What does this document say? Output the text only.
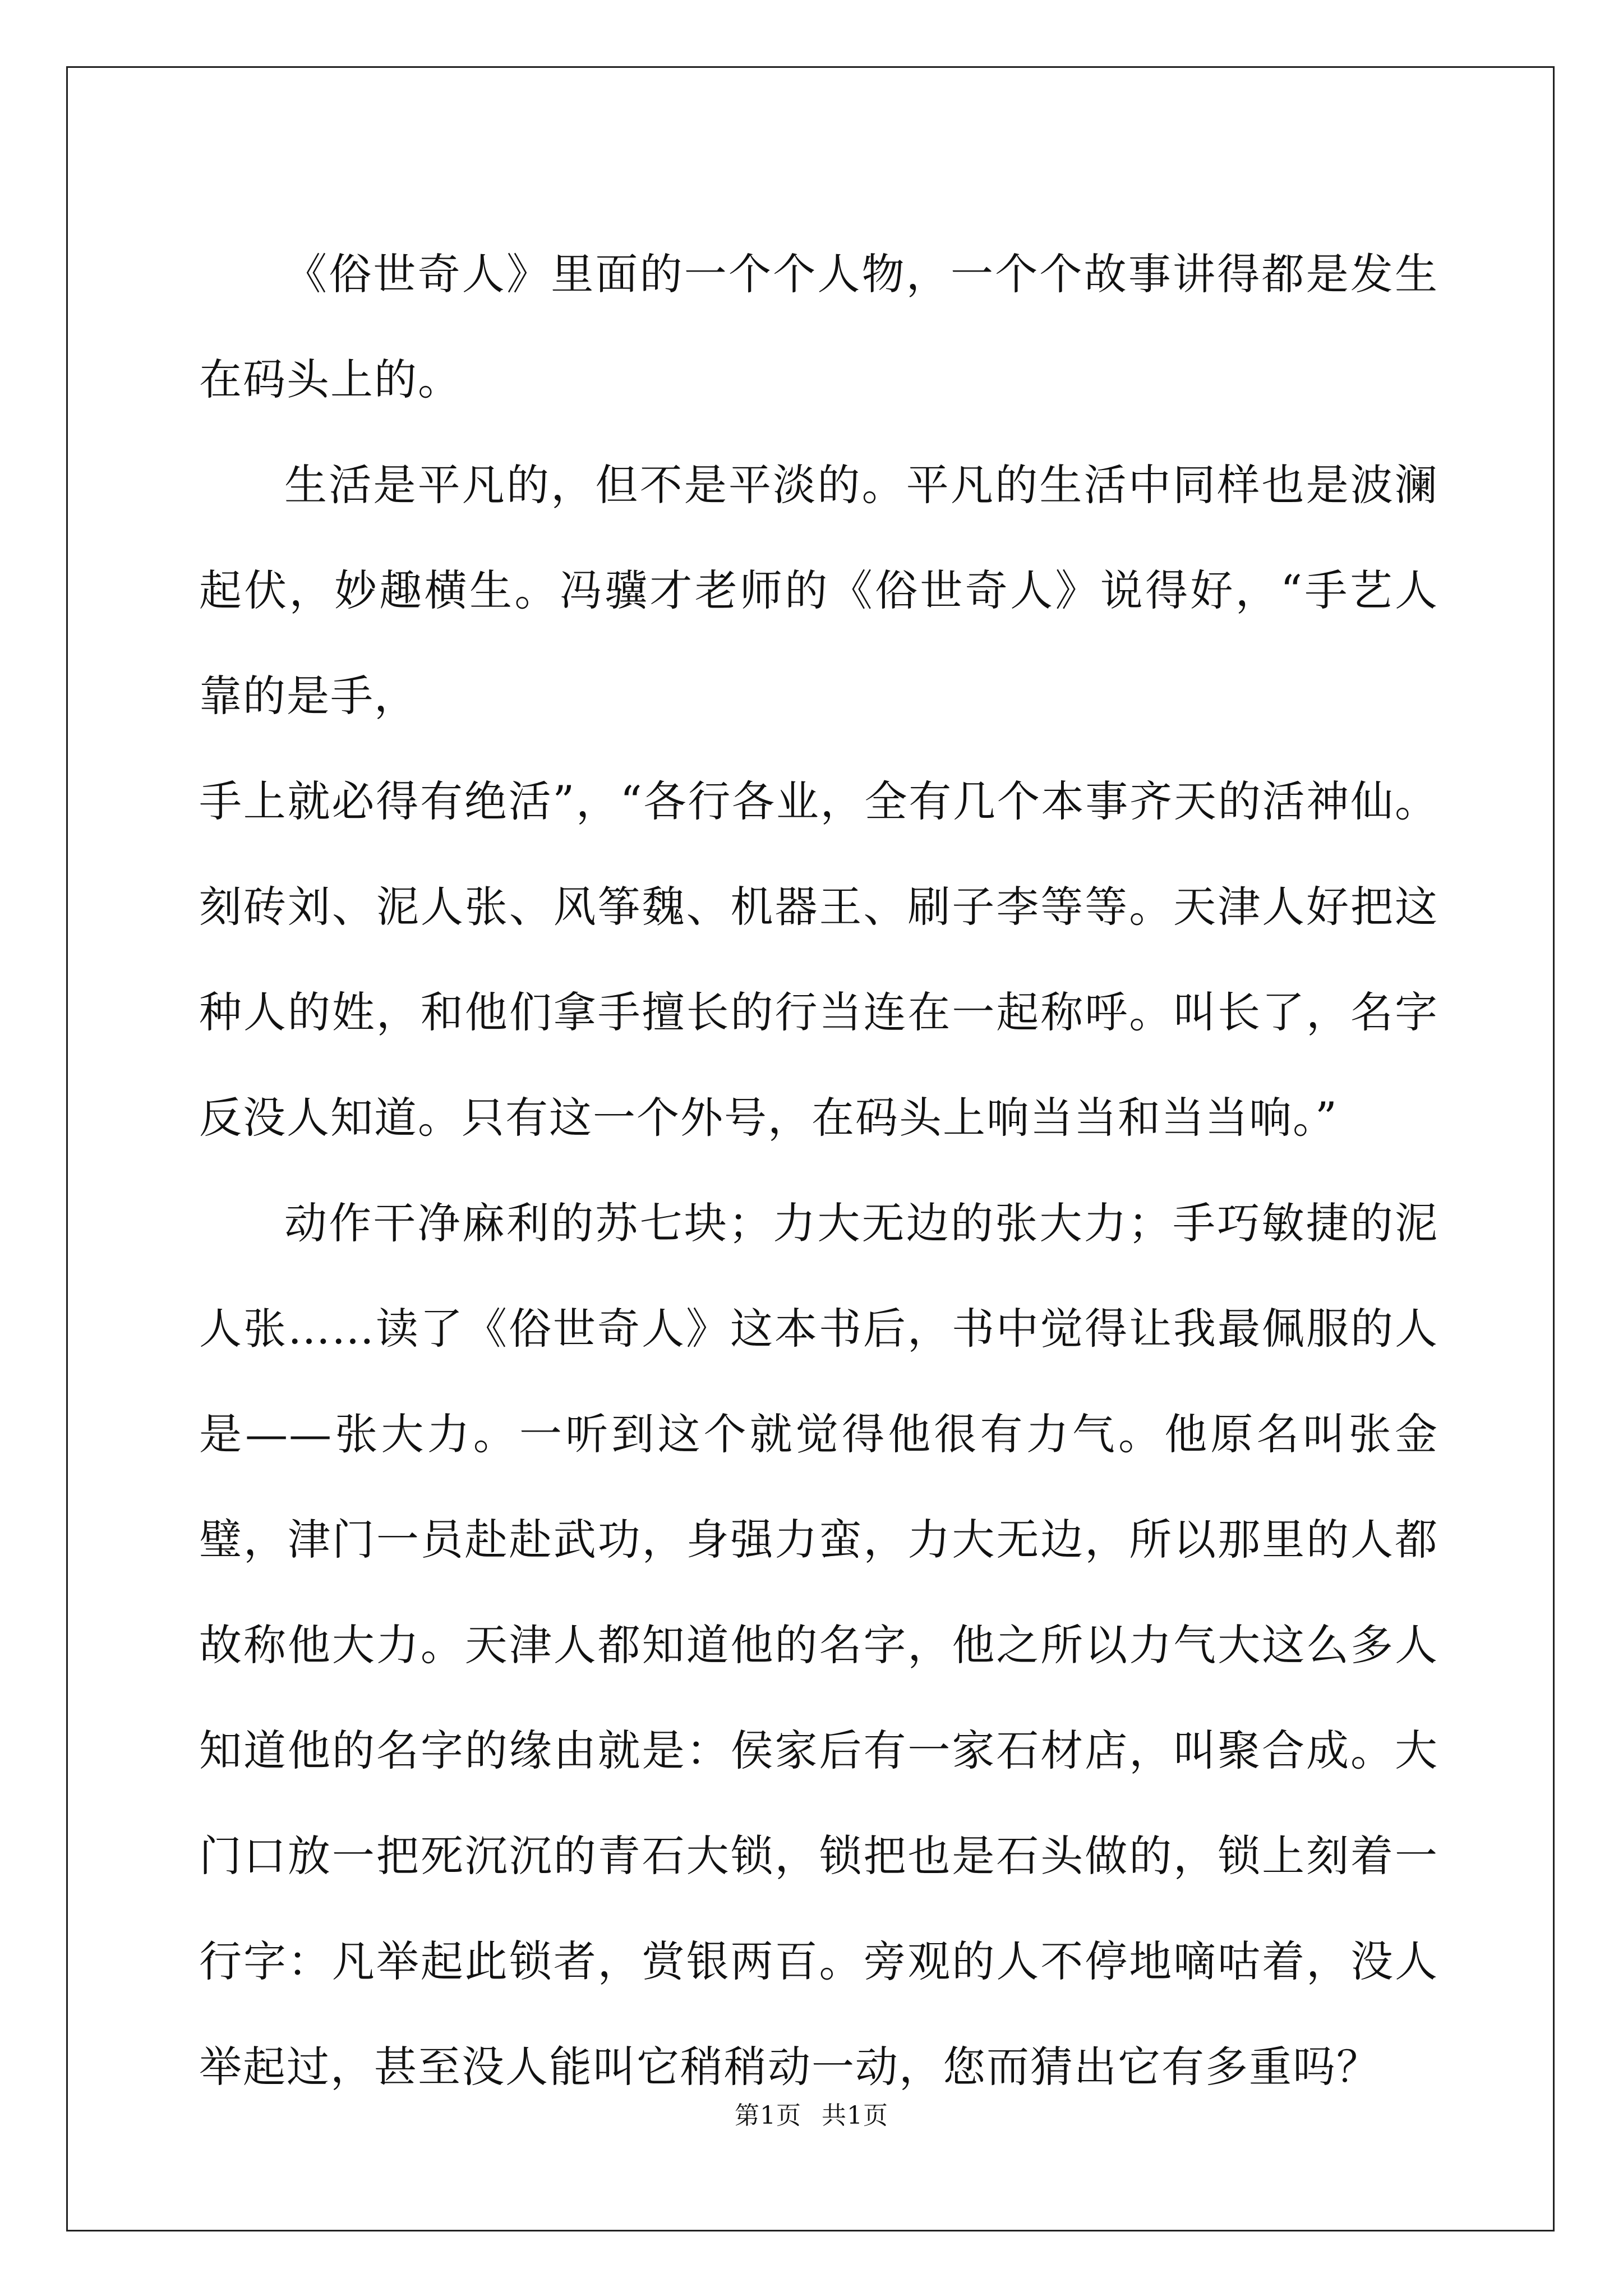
《俗世奇人》里面的一个个人物，一个个故事讲得都是发生在码头上的。

生活是平凡的，但不是平淡的。平凡的生活中同样也是波澜起伏，妙趣横生。冯骥才老师的《俗世奇人》说得好，“手艺人靠的是手，

手上就必得有绝活”，“各行各业，全有几个本事齐天的活神仙。刻砖刘、泥人张、风筝魏、机器王、刷子李等等。天津人好把这种人的姓，和他们拿手擅长的行当连在一起称呼。叫长了，名字反没人知道。只有这一个外号，在码头上响当当和当当响。”

动作干净麻利的苏七块；力大无边的张大力；手巧敏捷的泥人张……读了《俗世奇人》这本书后，书中觉得让我最佩服的人是——张大力。一听到这个就觉得他很有力气。他原名叫张金璧，津门一员赴赴武功，身强力蛮，力大无边，所以那里的人都故称他大力。天津人都知道他的名字，他之所以力气大这么多人知道他的名字的缘由就是：侯家后有一家石材店，叫聚合成。大门口放一把死沉沉的青石大锁，锁把也是石头做的，锁上刻着一行字：凡举起此锁者，赏银两百。旁观的人不停地嘀咕着，没人举起过，甚至没人能叫它稍稍动一动，您而猜出它有多重吗？

第1页 共1页
